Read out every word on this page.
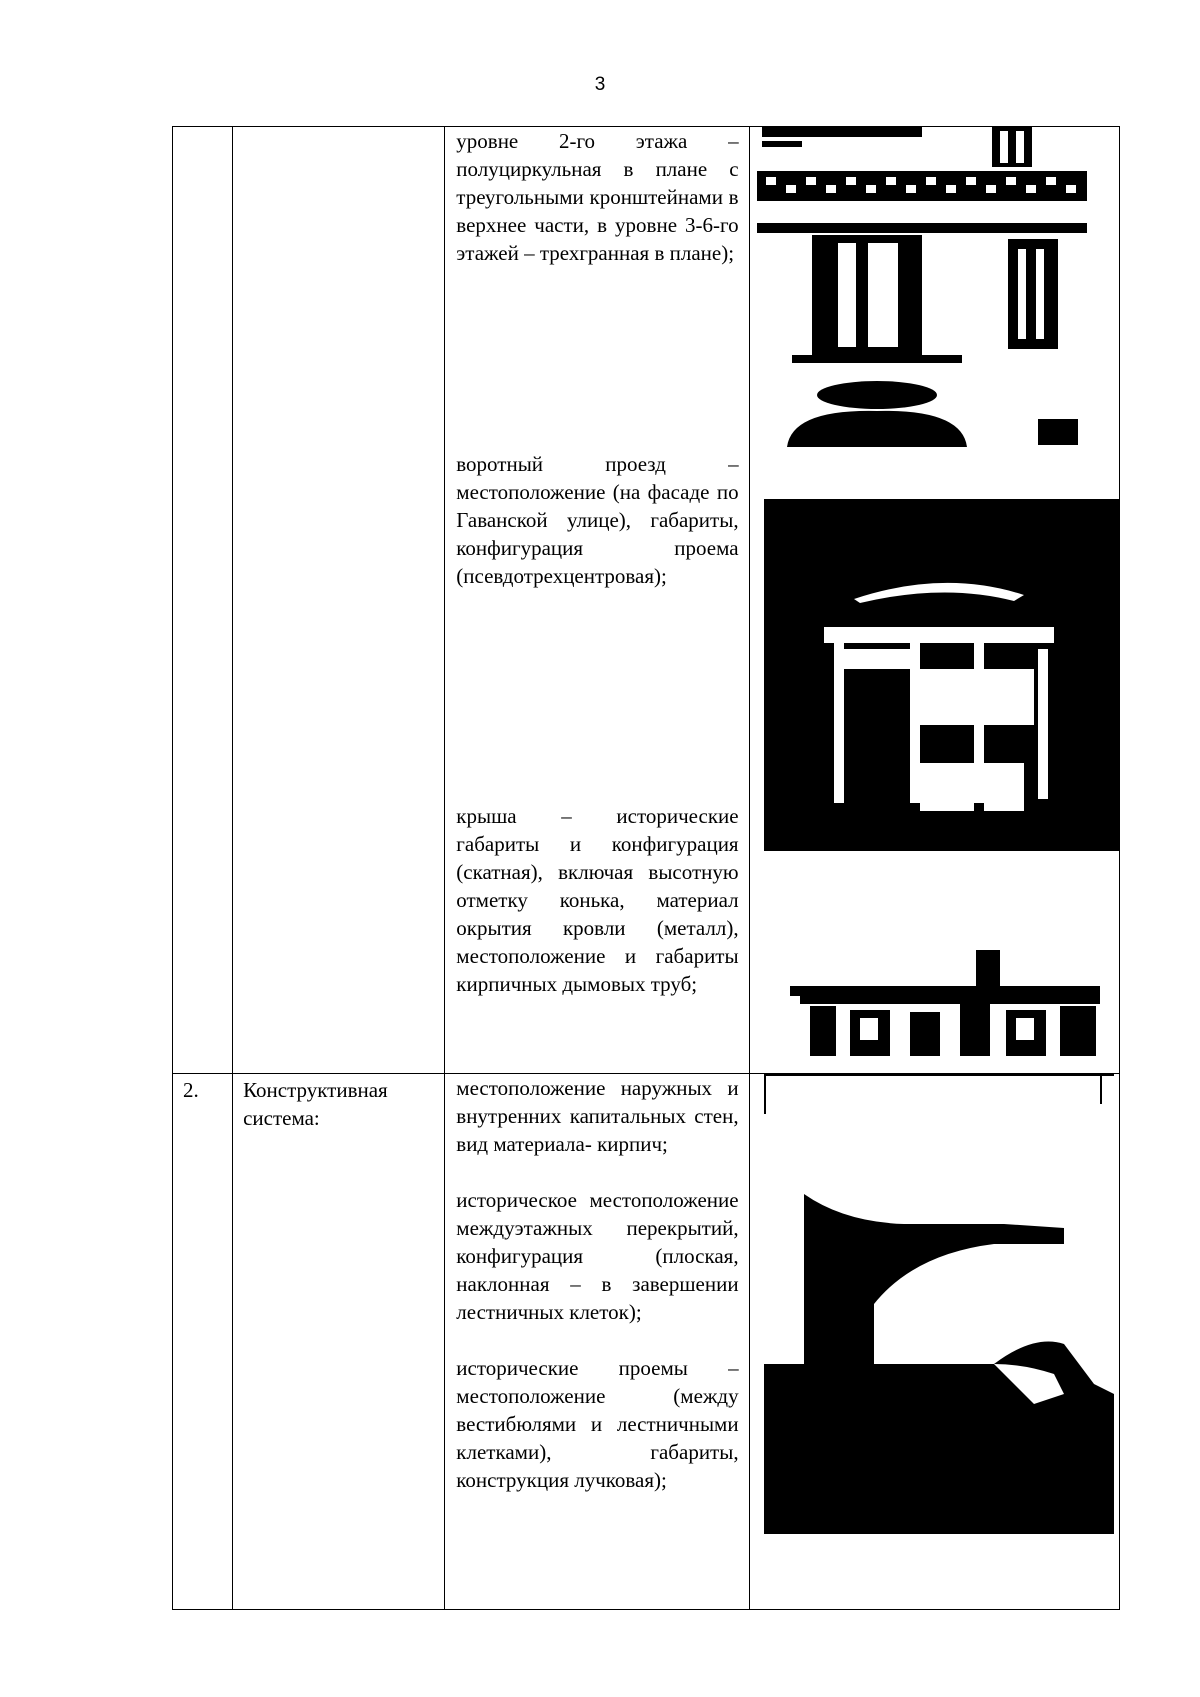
3

		уровне 2-го этажа – полуциркульная в плане с треугольными кронштейнами в верхнее части, в уровне 3-6-го этажей – трехгранная в плане);

воротный проезд – местоположение (на фасаде по Гаванской улице), габариты, конфигурация проема (псевдотрехцентровая);

крыша – исторические габариты и конфигурация (скатная), включая высотную отметку конька, материал окрытия кровли (металл), местоположение и габариты кирпичных дымовых труб;

2.	Конструктивная система:	местоположение наружных и внутренних капитальных стен, вид материала- кирпич;

историческое местоположение междуэтажных перекрытий, конфигурация (плоская, наклонная – в завершении лестничных клеток);

исторические проемы – местоположение (между вестибюлями и лестничными клетками), габариты, конструкция лучковая);
